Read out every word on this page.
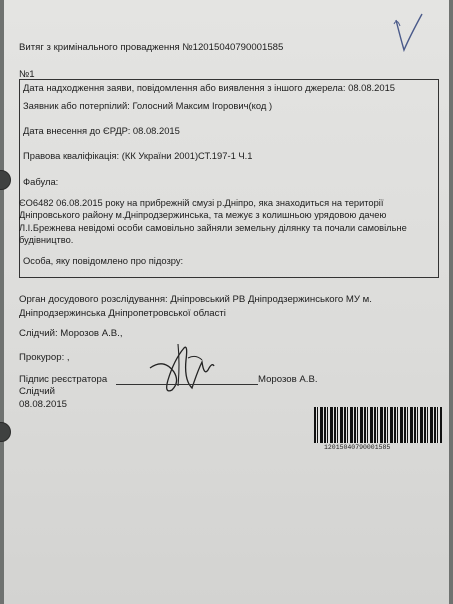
Витяг з кримінального провадження №12015040790001585
№1
Дата надходження заяви, повідомлення або виявлення з іншого джерела: 08.08.2015
Заявник або потерпілий: Голосний Максим Ігорович(код )
Дата внесення до ЄРДР: 08.08.2015
Правова кваліфікація: (КК України 2001)СТ.197-1 Ч.1
Фабула:
Особа, яку повідомлено про підозру:
ЄО6482 06.08.2015 року на прибрежній смузі р.Дніпро, яка знаходиться на території Дніпровського району м.Дніпродзержинська, та межує з колишньою урядовою дачею Л.І.Брежнева невідомі особи самовільно зайняли земельну ділянку та почали самовільне будівництво.
Орган досудового розслідування: Дніпровський РВ Дніпродзержинського МУ м. Дніпродзержинська Дніпропетровської області
Слідчий: Морозов А.В.,
Прокурор: ,
Підпис реєстратора	Морозов А.В.
Слідчий
08.08.2015
12015040790001585
